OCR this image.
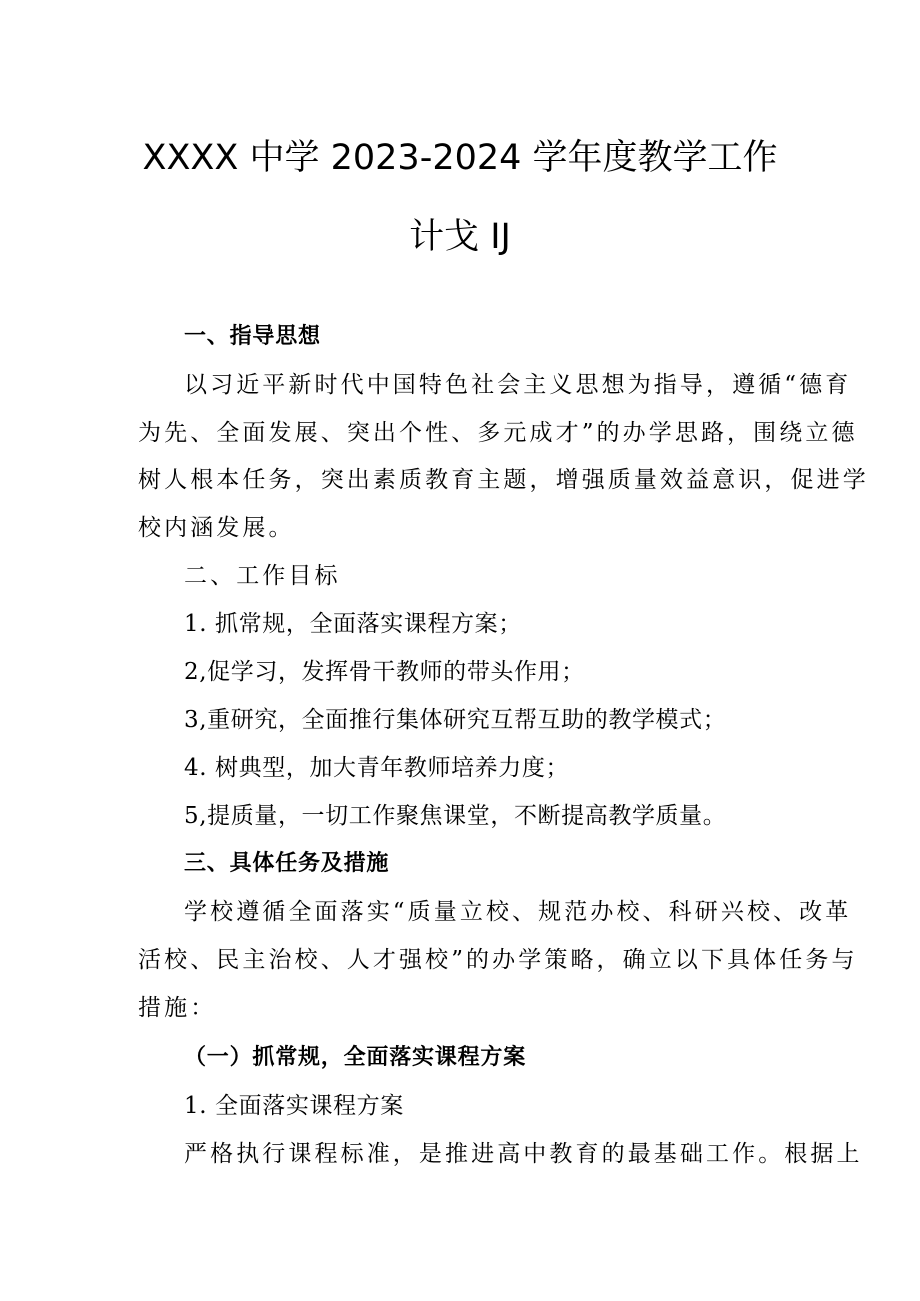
XXXX 中学 2023-2024 学年度教学工作
计戈 IJ
一、指导思想
以习近平新时代中国特色社会主义思想为指导，遵循“德育
为先、全面发展、突出个性、多元成才”的办学思路，围绕立德
树人根本任务，突出素质教育主题，增强质量效益意识，促进学
校内涵发展。
二、工作目标
1. 抓常规，全面落实课程方案；
2,促学习，发挥骨干教师的带头作用；
3,重研究，全面推行集体研究互帮互助的教学模式；
4. 树典型，加大青年教师培养力度；
5,提质量，一切工作聚焦课堂，不断提高教学质量。
三、具体任务及措施
学校遵循全面落实“质量立校、规范办校、科研兴校、改革
活校、民主治校、人才强校”的办学策略，确立以下具体任务与
措施：
（一）抓常规，全面落实课程方案
1. 全面落实课程方案
严格执行课程标准，是推进高中教育的最基础工作。根据上
